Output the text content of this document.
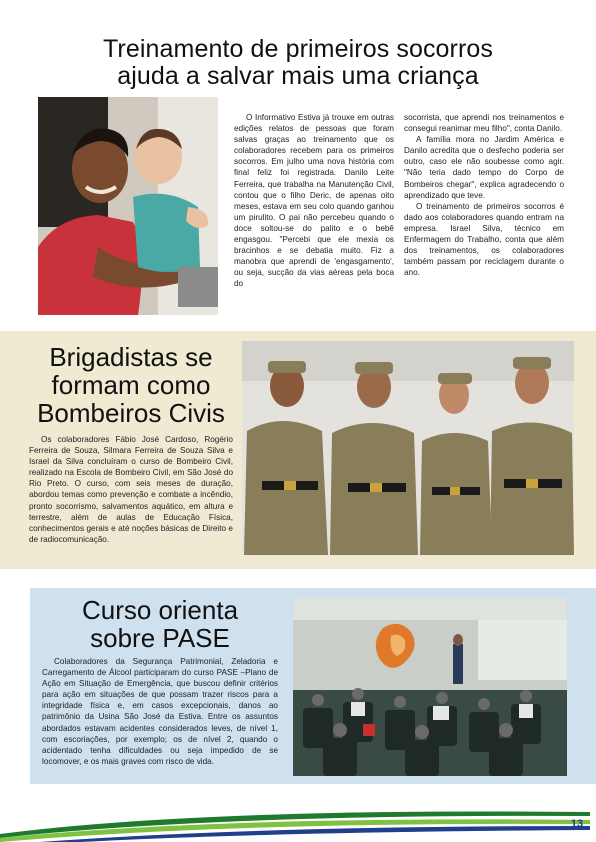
Treinamento de primeiros socorros
ajuda a salvar mais uma criança

O Informativo Estiva já trouxe em outras edições relatos de pessoas que foram salvas graças ao treinamento que os colaboradores recebem para os primeiros socorros. Em julho uma nova história com final feliz foi registrada. Danilo Leite Ferreira, que trabalha na Manutenção Civil, contou que o filho Deric, de apenas oito meses, estava em seu colo quando ganhou um pirulito. O pai não percebeu quando o doce soltou-se do palito e o bebê engasgou. "Percebi que ele mexia os bracinhos e se debatia muito. Fiz a manobra que aprendi de 'engasgamento', ou seja, sucção da vias aéreas pela boca do

socorrista, que aprendi nos treinamentos e consegui reanimar meu filho", conta Danilo.

A família mora no Jardim América e Danilo acredita que o desfecho poderia ser outro, caso ele não soubesse como agir. "Não teria dado tempo do Corpo de Bombeiros chegar", explica agradecendo o aprendizado que teve.

O treinamento de primeiros socorros é dado aos colaboradores quando entram na empresa. Israel Silva, técnico em Enfermagem do Trabalho, conta que além dos treinamentos, os colaboradores também passam por reciclagem durante o ano.

Brigadistas se
formam como
Bombeiros Civis

Os colaboradores Fábio José Cardoso, Rogério Ferreira de Souza, Silmara Ferreira de Souza Silva e Israel da Silva concluíram o curso de Bombeiro Civil, realizado na Escola de Bombeiro Civil, em São José do Rio Preto. O curso, com seis meses de duração, abordou temas como prevenção e combate a incêndio, pronto socorrismo, salvamentos aquático, em altura e terrestre, além de aulas de Educação Física, conhecimentos gerais e até noções básicas de Direito e de radiocomunicação.

Curso orienta
sobre PASE

Colaboradores da Segurança Patrimonial, Zeladoria e Carregamento de Álcool participaram do curso PASE –Plano de Ação em Situação de Emergência, que buscou definir critérios para ação em situações de que possam trazer riscos para a integridade física e, em casos excepcionais, danos ao patrimônio da Usina São José da Estiva. Entre os assuntos abordados estavam acidentes considerados leves, de nível 1, com escoriações, por exemplo; os de nível 2, quando o acidentado tenha dificuldades ou seja impedido de se locomover, e os mais graves com risco de vida.

13
